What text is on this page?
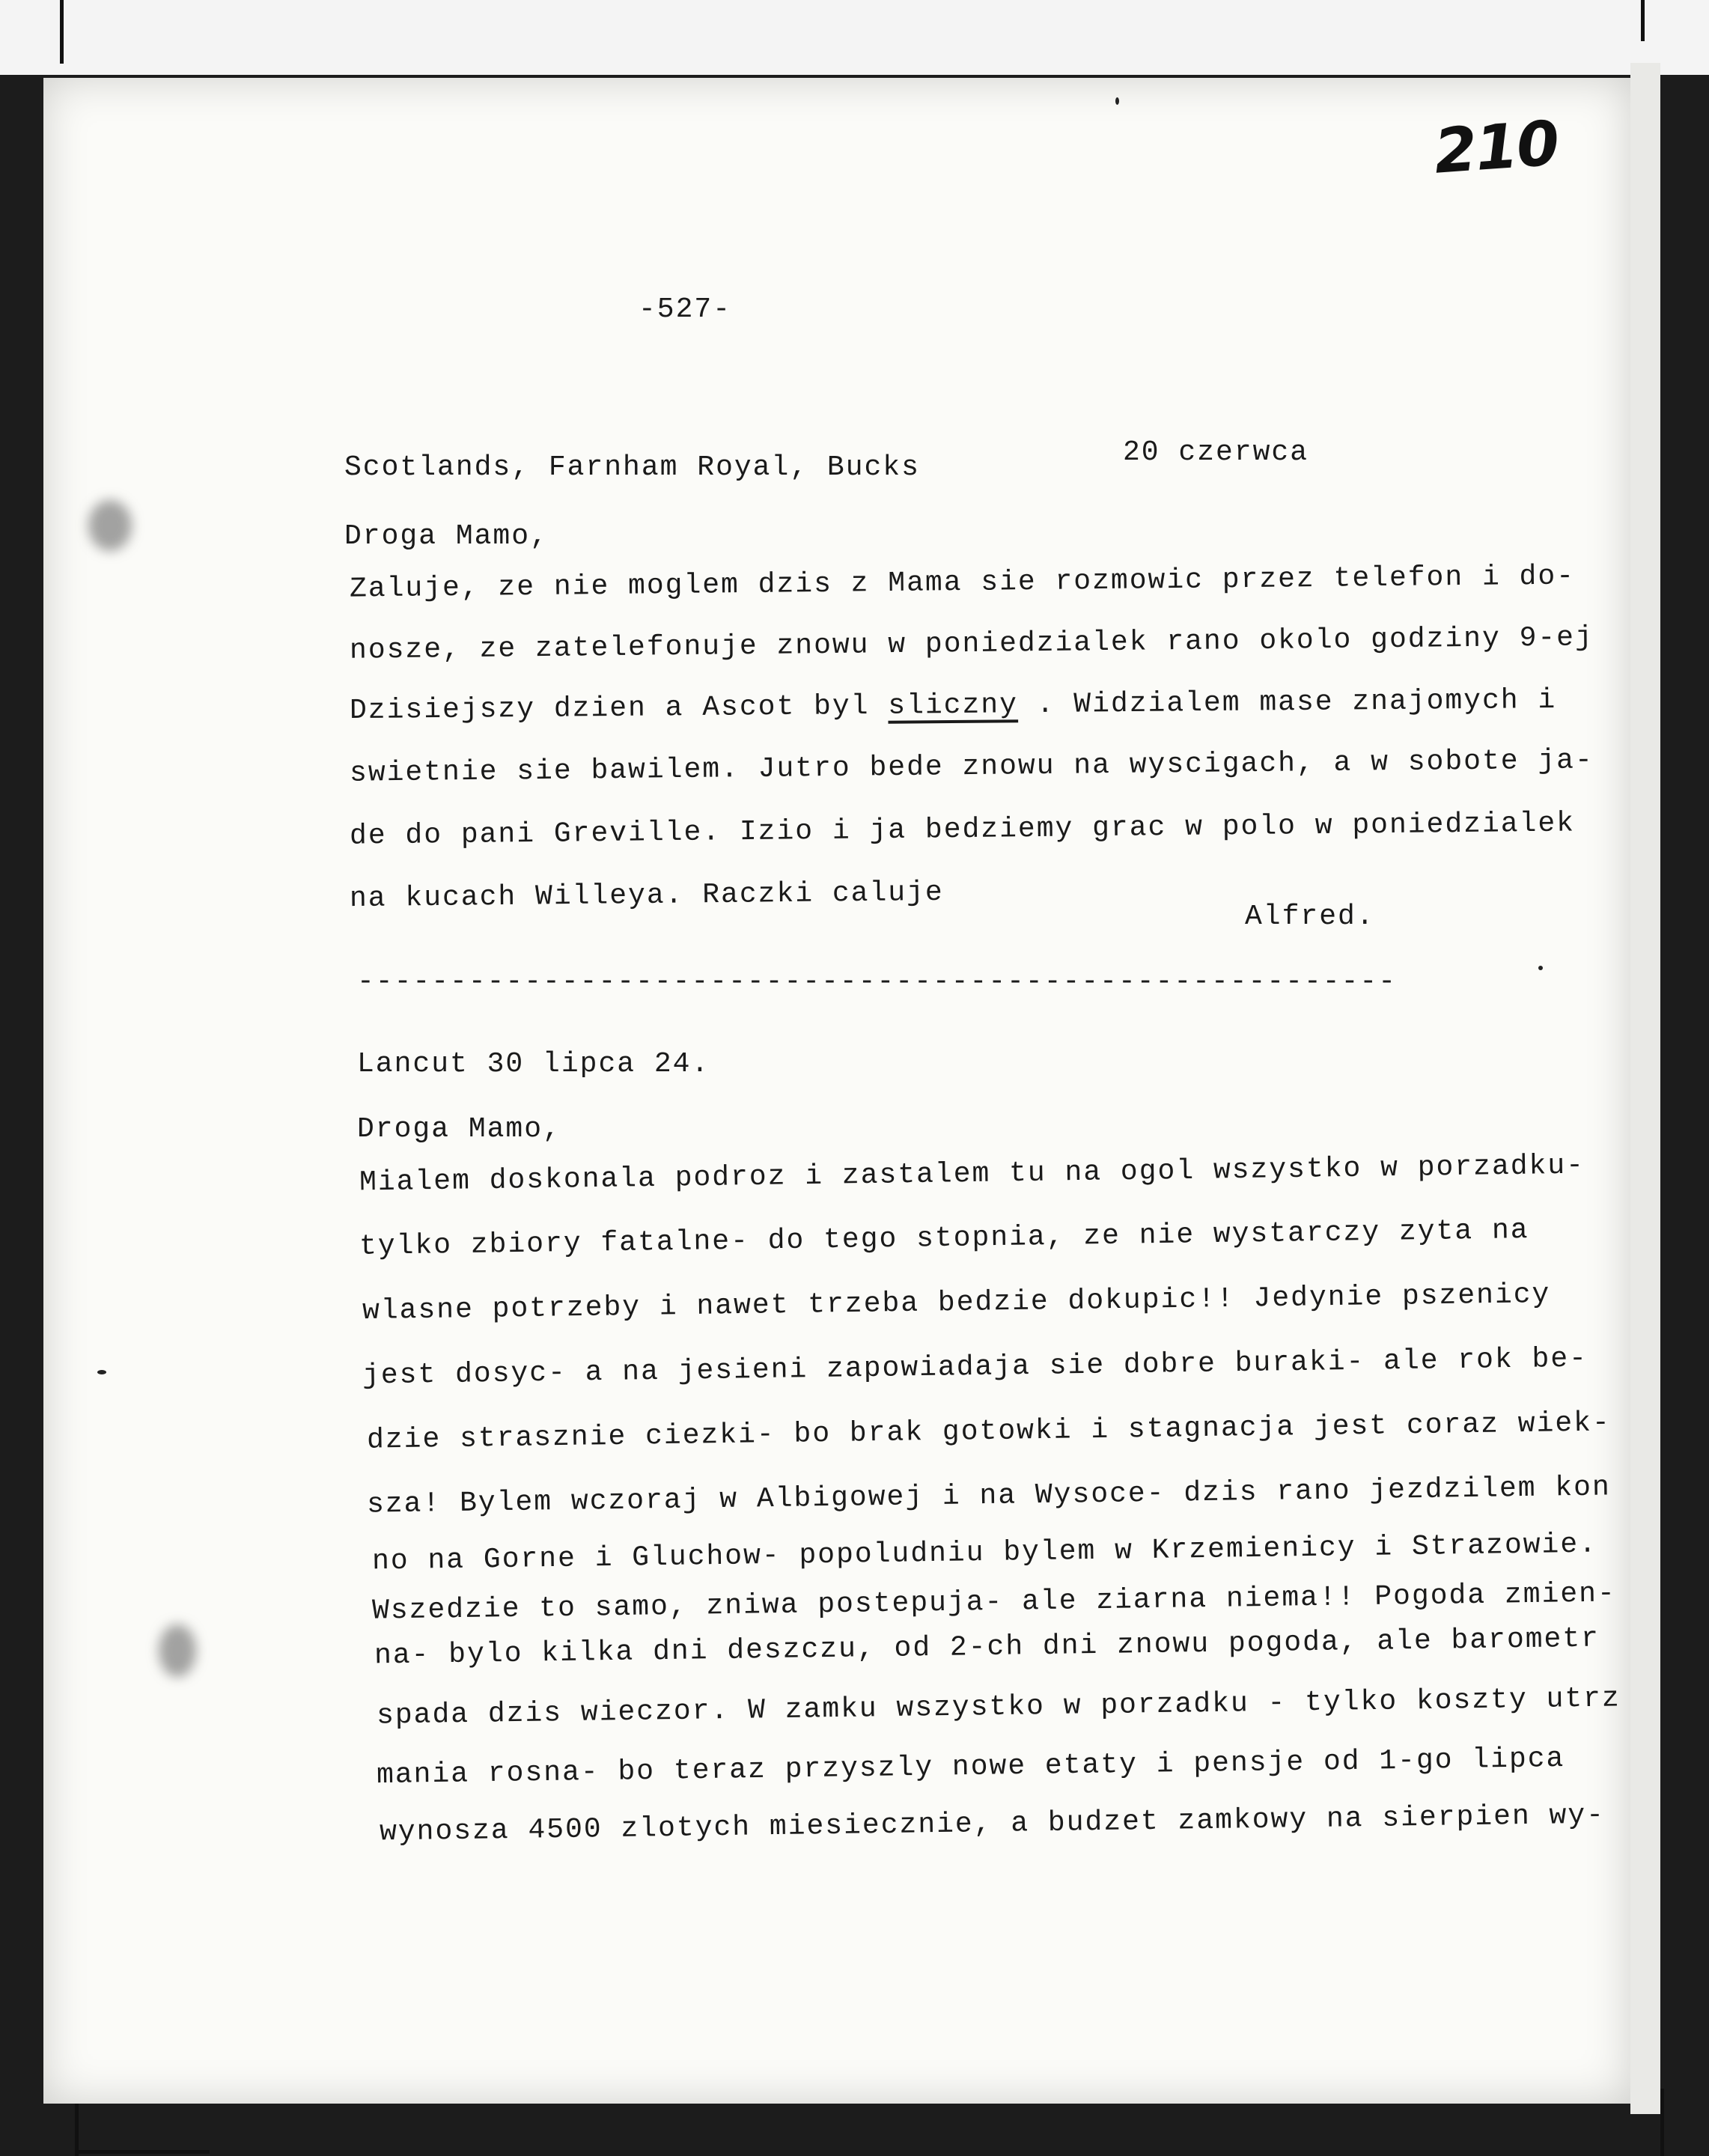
210
-527-
Scotlands, Farnham Royal, Bucks	20 czerwca
Droga Mamo,
Zaluje, ze nie moglem dzis z Mama sie rozmowic przez telefon i do-
nosze, ze zatelefonuje znowu w poniedzialek rano okolo godziny 9-ej
Dzisiejszy dzien a Ascot byl sliczny . Widzialem mase znajomych i
swietnie sie bawilem. Jutro bede znowu na wyscigach, a w sobote ja-
de do pani Greville. Izio i ja bedziemy grac w polo w poniedzialek
na kucach Willeya. Raczki caluje
Alfred.
--------------------------------------------------------
Lancut 30 lipca 24.
Droga Mamo,
Mialem doskonala podroz i zastalem tu na ogol wszystko w porzadku-
tylko zbiory fatalne- do tego stopnia, ze nie wystarczy zyta na
wlasne potrzeby i nawet trzeba bedzie dokupic!! Jedynie pszenicy
jest dosyc- a na jesieni zapowiadaja sie dobre buraki- ale rok be-
dzie strasznie ciezki- bo brak gotowki i stagnacja jest coraz wiek-
sza! Bylem wczoraj w Albigowej i na Wysoce- dzis rano jezdzilem kon
no na Gorne i Gluchow- popoludniu bylem w Krzemienicy i Strazowie.
Wszedzie to samo, zniwa postepuja- ale ziarna niema!! Pogoda zmien-
na- bylo kilka dni deszczu, od 2-ch dni znowu pogoda, ale barometr
spada dzis wieczor. W zamku wszystko w porzadku - tylko koszty utrz
mania rosna- bo teraz przyszly nowe etaty i pensje od 1-go lipca
wynosza 4500 zlotych miesiecznie, a budzet zamkowy na sierpien wy-
